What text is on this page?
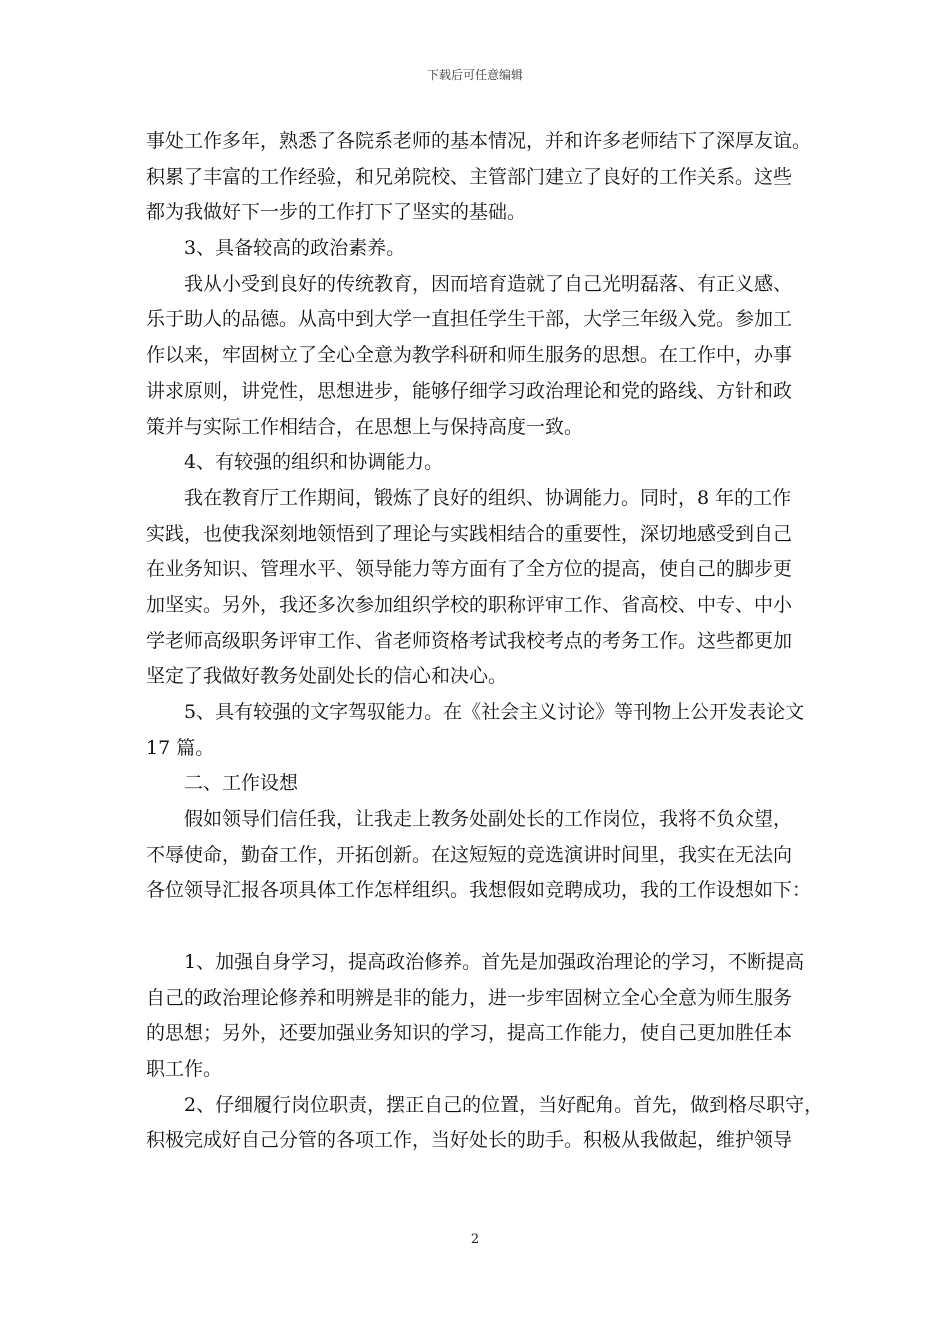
下载后可任意编辑
事处工作多年，熟悉了各院系老师的基本情况，并和许多老师结下了深厚友谊。
积累了丰富的工作经验，和兄弟院校、主管部门建立了良好的工作关系。这些
都为我做好下一步的工作打下了坚实的基础。
3、具备较高的政治素养。
我从小受到良好的传统教育，因而培育造就了自己光明磊落、有正义感、
乐于助人的品德。从高中到大学一直担任学生干部，大学三年级入党。参加工
作以来，牢固树立了全心全意为教学科研和师生服务的思想。在工作中，办事
讲求原则，讲党性，思想进步，能够仔细学习政治理论和党的路线、方针和政
策并与实际工作相结合，在思想上与保持高度一致。
4、有较强的组织和协调能力。
我在教育厅工作期间，锻炼了良好的组织、协调能力。同时，8 年的工作
实践，也使我深刻地领悟到了理论与实践相结合的重要性，深切地感受到自己
在业务知识、管理水平、领导能力等方面有了全方位的提高，使自己的脚步更
加坚实。另外，我还多次参加组织学校的职称评审工作、省高校、中专、中小
学老师高级职务评审工作、省老师资格考试我校考点的考务工作。这些都更加
坚定了我做好教务处副处长的信心和决心。
5、具有较强的文字驾驭能力。在《社会主义讨论》等刊物上公开发表论文
17 篇。
二、工作设想
假如领导们信任我，让我走上教务处副处长的工作岗位，我将不负众望，
不辱使命，勤奋工作，开拓创新。在这短短的竞选演讲时间里，我实在无法向
各位领导汇报各项具体工作怎样组织。我想假如竞聘成功，我的工作设想如下：
1、加强自身学习，提高政治修养。首先是加强政治理论的学习，不断提高
自己的政治理论修养和明辨是非的能力，进一步牢固树立全心全意为师生服务
的思想；另外，还要加强业务知识的学习，提高工作能力，使自己更加胜任本
职工作。
2、仔细履行岗位职责，摆正自己的位置，当好配角。首先，做到格尽职守，
积极完成好自己分管的各项工作，当好处长的助手。积极从我做起，维护领导
2
